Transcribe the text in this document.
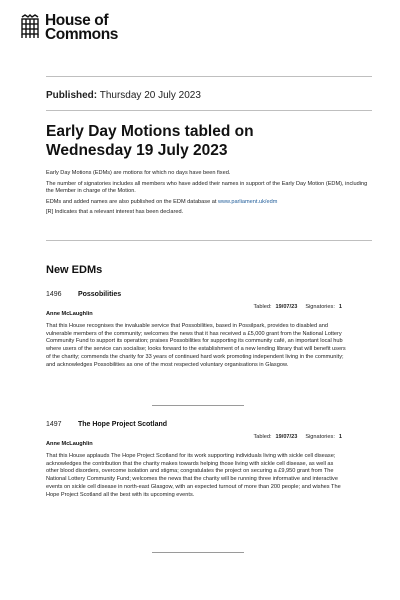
House of
Commons
Published: Thursday 20 July 2023
Early Day Motions tabled on
Wednesday 19 July 2023

Early Day Motions (EDMs) are motions for which no days have been fixed.

The number of signatories includes all members who have added their names in support of the Early Day Motion (EDM), including the Member in charge of the Motion.

EDMs and added names are also published on the EDM database at www.parliament.uk/edm

[R] Indicates that a relevant interest has been declared.

New EDMs
1496 Possobilities
Tabled: 19/07/23 Signatories: 1
Anne McLaughlin

That this House recognises the invaluable service that Possobilities, based in Possilpark, provides to disabled and vulnerable members of the community; welcomes the news that it has received a £5,000 grant from the National Lottery Community Fund to support its operation; praises Possobilities for supporting its community café, an important local hub where users of the service can socialise; looks forward to the establishment of a new lending library that will benefit users of the charity; commends the charity for 33 years of continued hard work promoting independent living in the community; and acknowledges Possobilities as one of the most respected voluntary organisations in Glasgow.

1497 The Hope Project Scotland
Tabled: 19/07/23 Signatories: 1
Anne McLaughlin

That this House applauds The Hope Project Scotland for its work supporting individuals living with sickle cell disease; acknowledges the contribution that the charity makes towards helping those living with sickle cell disease, as well as other blood disorders, overcome isolation and stigma; congratulates the project on securing a £9,950 grant from The National Lottery Community Fund; welcomes the news that the charity will be running three informative and interactive events on sickle cell disease in north-east Glasgow, with an expected turnout of more than 200 people; and wishes The Hope Project Scotland all the best with its upcoming events.
